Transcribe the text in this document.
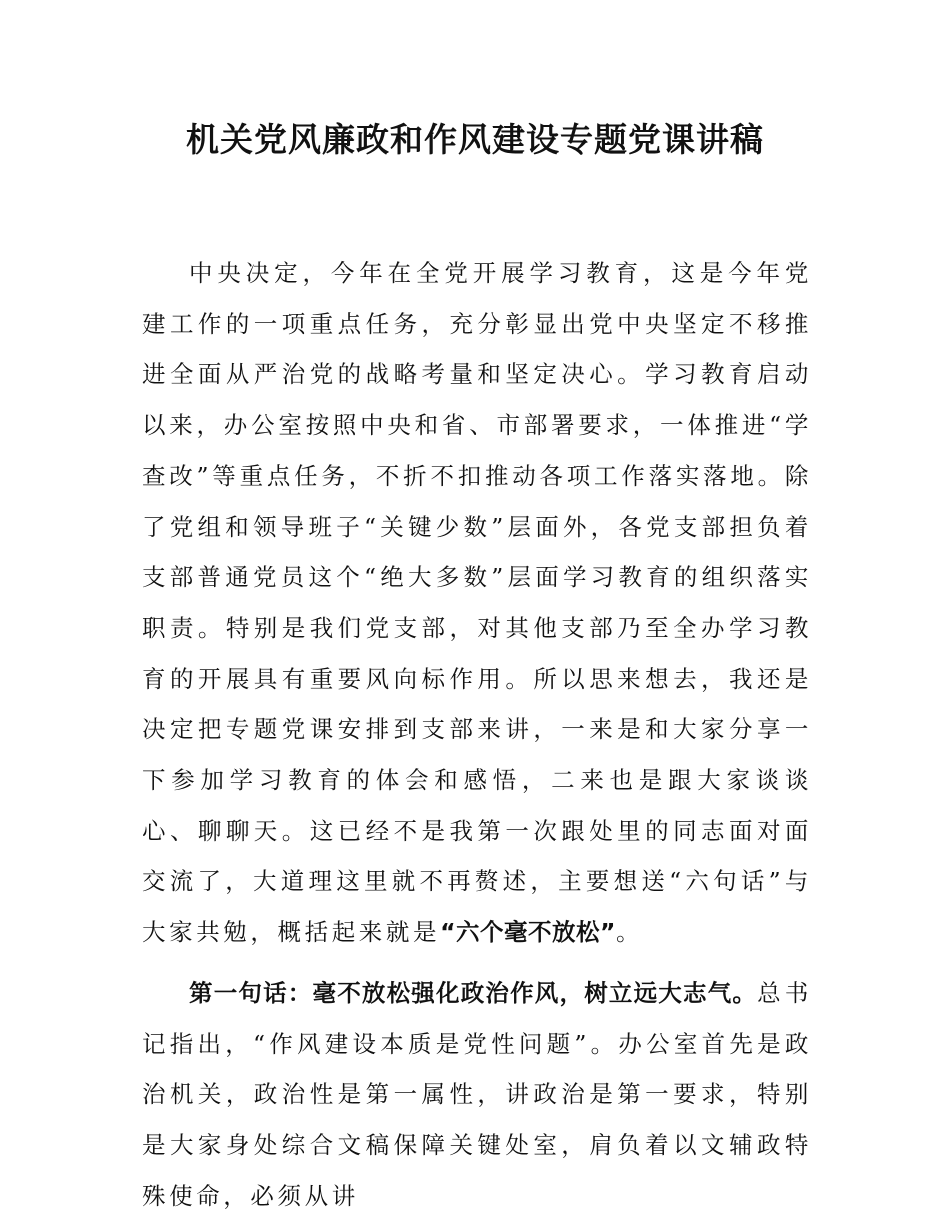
机关党风廉政和作风建设专题党课讲稿

中央决定，今年在全党开展学习教育，这是今年党建工作的一项重点任务，充分彰显出党中央坚定不移推进全面从严治党的战略考量和坚定决心。学习教育启动以来，办公室按照中央和省、市部署要求，一体推进“学查改”等重点任务，不折不扣推动各项工作落实落地。除了党组和领导班子“关键少数”层面外，各党支部担负着支部普通党员这个“绝大多数”层面学习教育的组织落实职责。特别是我们党支部，对其他支部乃至全办学习教育的开展具有重要风向标作用。所以思来想去，我还是决定把专题党课安排到支部来讲，一来是和大家分享一下参加学习教育的体会和感悟，二来也是跟大家谈谈心、聊聊天。这已经不是我第一次跟处里的同志面对面交流了，大道理这里就不再赘述，主要想送“六句话”与大家共勉，概括起来就是“六个毫不放松”。

第一句话：毫不放松强化政治作风，树立远大志气。总书记指出，“作风建设本质是党性问题”。办公室首先是政治机关，政治性是第一属性，讲政治是第一要求，特别是大家身处综合文稿保障关键处室，肩负着以文辅政特殊使命，必须从讲
